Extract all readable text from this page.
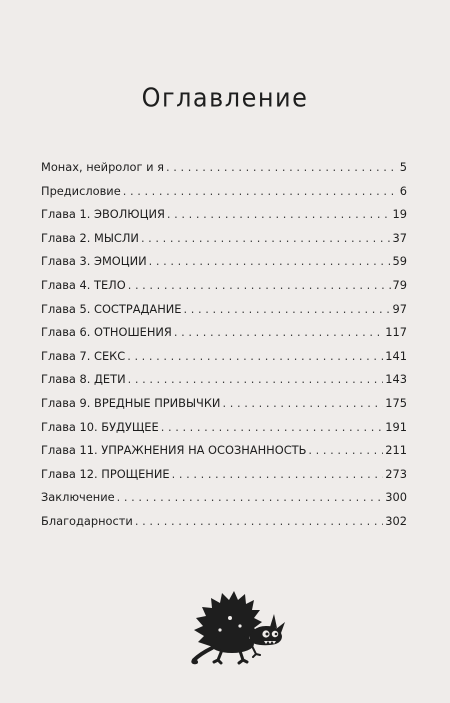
Оглавление
Монах, нейролог и я . . .	5
Предисловие . . .	6
Глава 1. ЭВОЛЮЦИЯ . . .	19
Глава 2. МЫСЛИ . . .	37
Глава 3. ЭМОЦИИ . . .	59
Глава 4. ТЕЛО . . .	79
Глава 5. СОСТРАДАНИЕ . . .	97
Глава 6. ОТНОШЕНИЯ . . .	117
Глава 7. СЕКС . . .	141
Глава 8. ДЕТИ . . .	143
Глава 9. ВРЕДНЫЕ ПРИВЫЧКИ . . .	175
Глава 10. БУДУЩЕЕ . . .	191
Глава 11. УПРАЖНЕНИЯ НА ОСОЗНАННОСТЬ . . .	211
Глава 12. ПРОЩЕНИЕ . . .	273
Заключение . . .	300
Благодарности . . .	302
